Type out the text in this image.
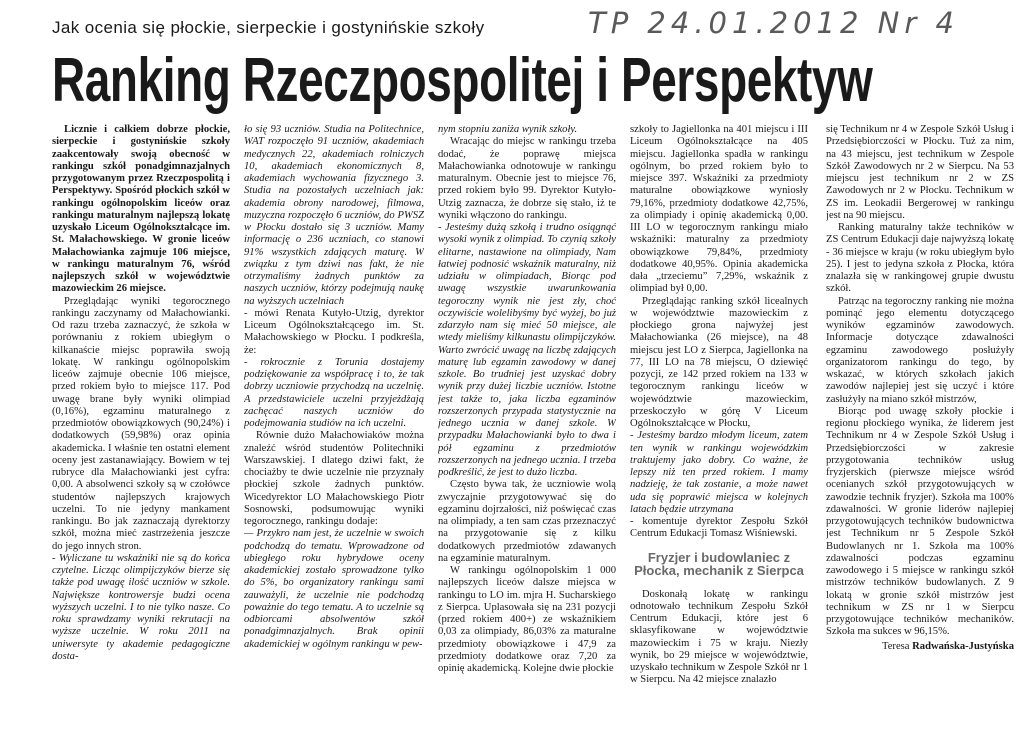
Jak ocenia się płockie, sierpeckie i gostynińskie szkoły	TP 24.01.2012 Nr 4
Ranking Rzeczpospolitej i Perspektyw

Licznie i całkiem dobrze płockie, sierpeckie i gostynińskie szkoły zaakcentowały swoją obecność w rankingu szkół ponadgimnazjalnych przygotowanym przez Rzeczpospolitą i Perspektywy. Spośród płockich szkół w rankingu ogólnopolskim liceów oraz rankingu maturalnym najlepszą lokatę uzyskało Liceum Ogólnokształcące im. St. Małachowskiego. W gronie liceów Małachowianka zajmuje 106 miejsce, w rankingu maturalnym 76, wśród najlepszych szkół w województwie mazowieckim 26 miejsce.

Przeglądając wyniki tegorocznego rankingu zaczynamy od Małachowianki. Od razu trzeba zaznaczyć, że szkoła w porównaniu z rokiem ubiegłym o kilkanaście miejsc poprawiła swoją lokatę. W rankingu ogólnopolskim liceów zajmuje obecnie 106 miejsce, przed rokiem było to miejsce 117. Pod uwagę brane były wyniki olimpiad (0,16%), egzaminu maturalnego z przedmiotów obowiązkowych (90,24%) i dodatkowych (59,98%) oraz opinia akademicka. I właśnie ten ostatni element oceny jest zastanawiający. Bowiem w tej rubryce dla Małachowianki jest cyfra: 0,00. A absolwenci szkoły są w czołówce studentów najlepszych krajowych uczelni. To nie jedyny mankament rankingu. Bo jak zaznaczają dyrektorzy szkół, można mieć zastrzeżenia jeszcze do jego innych stron.

- Wyliczane tu wskaźniki nie są do końca czytelne. Licząc olimpijczyków bierze się także pod uwagę ilość uczniów w szkole. Największe kontrowersje budzi ocena wyższych uczelni. I to nie tylko nasze. Co roku sprawdzamy wyniki rekrutacji na wyższe uczelnie. W roku 2011 na uniwersyte ty akademie pedagogiczne dosta-

ło się 93 uczniów. Studia na Politechnice, WAT rozpoczęło 91 uczniów, akademiach medycznych 22, akademiach rolniczych 10, akademiach ekonomicznych 8, akademiach wychowania fizycznego 3. Studia na pozostałych uczelniach jak: akademia obrony narodowej, filmowa, muzyczna rozpoczęło 6 uczniów, do PWSZ w Płocku dostało się 3 uczniów. Mamy informację o 236 uczniach, co stanowi 91% wszystkich zdających maturę. W związku z tym dziwi nas fakt, że nie otrzymaliśmy żadnych punktów za naszych uczniów, którzy podejmują naukę na wyższych uczelniach

- mówi Renata Kutyło-Utzig, dyrektor Liceum Ogólnokształcącego im. St. Małachowskiego w Płocku. I podkreśla, że:

- rokrocznie z Torunia dostajemy podziękowanie za współpracę i to, że tak dobrzy uczniowie przychodzą na uczelnię. A przedstawiciele uczelni przyjeżdżają zachęcać naszych uczniów do podejmowania studiów na ich uczelni.

Równie dużo Małachowiaków można znaleźć wśród studentów Politechniki Warszawskiej. I dlatego dziwi fakt, że chociażby te dwie uczelnie nie przyznały płockiej szkole żadnych punktów. Wicedyrektor LO Małachowskiego Piotr Sosnowski, podsumowując wyniki tegorocznego, rankingu dodaje:

— Przykro nam jest, że uczelnie w swoich podchodzą do tematu. Wprowadzone od ubiegłego roku hybrydowe oceny akademickiej zostało sprowadzone tylko do 5%, bo organizatory rankingu sami zauważyli, że uczelnie nie podchodzą poważnie do tego tematu. A to uczelnie są odbiorcami absolwentów szkół ponadgimnazjalnych. Brak opinii akademickiej w ogólnym rankingu w pew-

nym stopniu zaniża wynik szkoły.

Wracając do miejsc w rankingu trzeba dodać, że poprawę miejsca Małachowianka odnotowuje w rankingu maturalnym. Obecnie jest to miejsce 76, przed rokiem było 99. Dyrektor Kutyło-Utzig zaznacza, że dobrze się stało, iż te wyniki włączono do rankingu.

- Jesteśmy dużą szkołą i trudno osiągnąć wysoki wynik z olimpiad. To czynią szkoły elitarne, nastawione na olimpiady, Nam łatwiej podnosić wskaźnik maturalny, niż udziału w olimpiadach, Biorąc pod uwagę wszystkie uwarunkowania tegoroczny wynik nie jest zły, choć oczywiście wolelibyśmy być wyżej, bo już zdarzyło nam się mieć 50 miejsce, ale wtedy mieliśmy kilkunastu olimpijczyków. Warto zwrócić uwagę na liczbę zdających maturę lub egzamin zawodowy w danej szkole. Bo trudniej jest uzyskać dobry wynik przy dużej liczbie uczniów. Istotne jest także to, jaka liczba egzaminów rozszerzonych przypada statystycznie na jednego ucznia w danej szkole. W przypadku Małachowianki było to dwa i pół egzaminu z przedmiotów rozszerzonych na jednego ucznia. I trzeba podkreślić, że jest to dużo liczba.

Często bywa tak, że uczniowie wolą zwyczajnie przygotowywać się do egzaminu dojrzałości, niż poświęcać czas na olimpiady, a ten sam czas przeznaczyć na przygotowanie się z kilku dodatkowych przedmiotów zdawanych na egzaminie maturalnym.

W rankingu ogólnopolskim 1 000 najlepszych liceów dalsze miejsca w rankingu to LO im. mjra H. Sucharskiego z Sierpca. Uplasowała się na 231 pozycji (przed rokiem 400+) ze wskaźnikiem 0,03 za olimpiady, 86,03% za maturalne przedmioty obowiązkowe i 47,9 za przedmioty dodatkowe oraz 7,20 za opinię akademicką. Kolejne dwie płockie

szkoły to Jagiellonka na 401 miejscu i III Liceum Ogólnokształcące na 405 miejscu. Jagiellonka spadła w rankingu ogólnym, bo przed rokiem było to miejsce 397. Wskaźniki za przedmioty maturalne obowiązkowe wyniosły 79,16%, przedmioty dodatkowe 42,75%, za olimpiady i opinię akademicką 0,00. III LO w tegorocznym rankingu miało wskaźniki: maturalny za przedmioty obowiązkowe 79,84%, przedmioty dodatkowe 40,95%. Opinia akademicka dała „trzeciemu” 7,29%, wskaźnik z olimpiad był 0,00.

Przeglądając ranking szkół licealnych w województwie mazowieckim z płockiego grona najwyżej jest Małachowianka (26 miejsce), na 48 miejscu jest LO z Sierpca, Jagiellonka na 77, III LO na 78 miejscu, O dziewięć pozycji, ze 142 przed rokiem na 133 w tegorocznym rankingu liceów w województwie mazowieckim, przeskoczyło w górę V Liceum Ogólnokształcące w Płocku,

- Jesteśmy bardzo młodym liceum, zatem ten wynik w rankingu wojewódzkim traktujemy jako dobry. Co ważne, że lepszy niż ten przed rokiem. I mamy nadzieję, że tak zostanie, a może nawet uda się poprawić miejsca w kolejnych latach będzie utrzymana

- komentuje dyrektor Zespołu Szkół Centrum Edukacji Tomasz Wiśniewski.

Fryzjer i budowlaniec z Płocka, mechanik z Sierpca

Doskonałą lokatę w rankingu odnotowało technikum Zespołu Szkół Centrum Edukacji, które jest 6 sklasyfikowane w województwie mazowieckim i 75 w kraju. Niezły wynik, bo 29 miejsce w województwie, uzyskało technikum w Zespole Szkół nr 1 w Sierpcu. Na 42 miejsce znalazło

się Technikum nr 4 w Zespole Szkół Usług i Przedsiębiorczości w Płocku. Tuż za nim, na 43 miejscu, jest technikum w Zespole Szkół Zawodowych nr 2 w Sierpcu. Na 53 miejscu jest technikum nr 2 w ZS Zawodowych nr 2 w Płocku. Technikum w ZS im. Leokadii Bergerowej w rankingu jest na 90 miejscu.

Ranking maturalny także techników w ZS Centrum Edukacji daje najwyższą lokatę - 36 miejsce w kraju (w roku ubiegłym było 25). I jest to jedyna szkoła z Płocka, która znalazła się w rankingowej grupie dwustu szkół.

Patrząc na tegoroczny ranking nie można pominąć jego elementu dotyczącego wyników egzaminów zawodowych. Informacje dotyczące zdawalności egzaminu zawodowego posłużyły organizatorom rankingu do tego, by wskazać, w których szkołach jakich zawodów najlepiej jest się uczyć i które zasłużyły na miano szkół mistrzów,

Biorąc pod uwagę szkoły płockie i regionu płockiego wynika, że liderem jest Technikum nr 4 w Zespole Szkół Usług i Przedsiębiorczości w zakresie przygotowania techników usług fryzjerskich (pierwsze miejsce wśród ocenianych szkół przygotowujących w zawodzie technik fryzjer). Szkoła ma 100% zdawalności. W gronie liderów najlepiej przygotowujących techników budownictwa jest Technikum nr 5 Zespole Szkół Budowlanych nr 1. Szkoła ma 100% zdawalności podczas egzaminu zawodowego i 5 miejsce w rankingu szkół mistrzów techników budowlanych. Z 9 lokatą w gronie szkół mistrzów jest technikum w ZS nr 1 w Sierpcu przygotowujące techników mechaników. Szkoła ma sukces w 96,15%.

Teresa Radwańska-Justyńska
